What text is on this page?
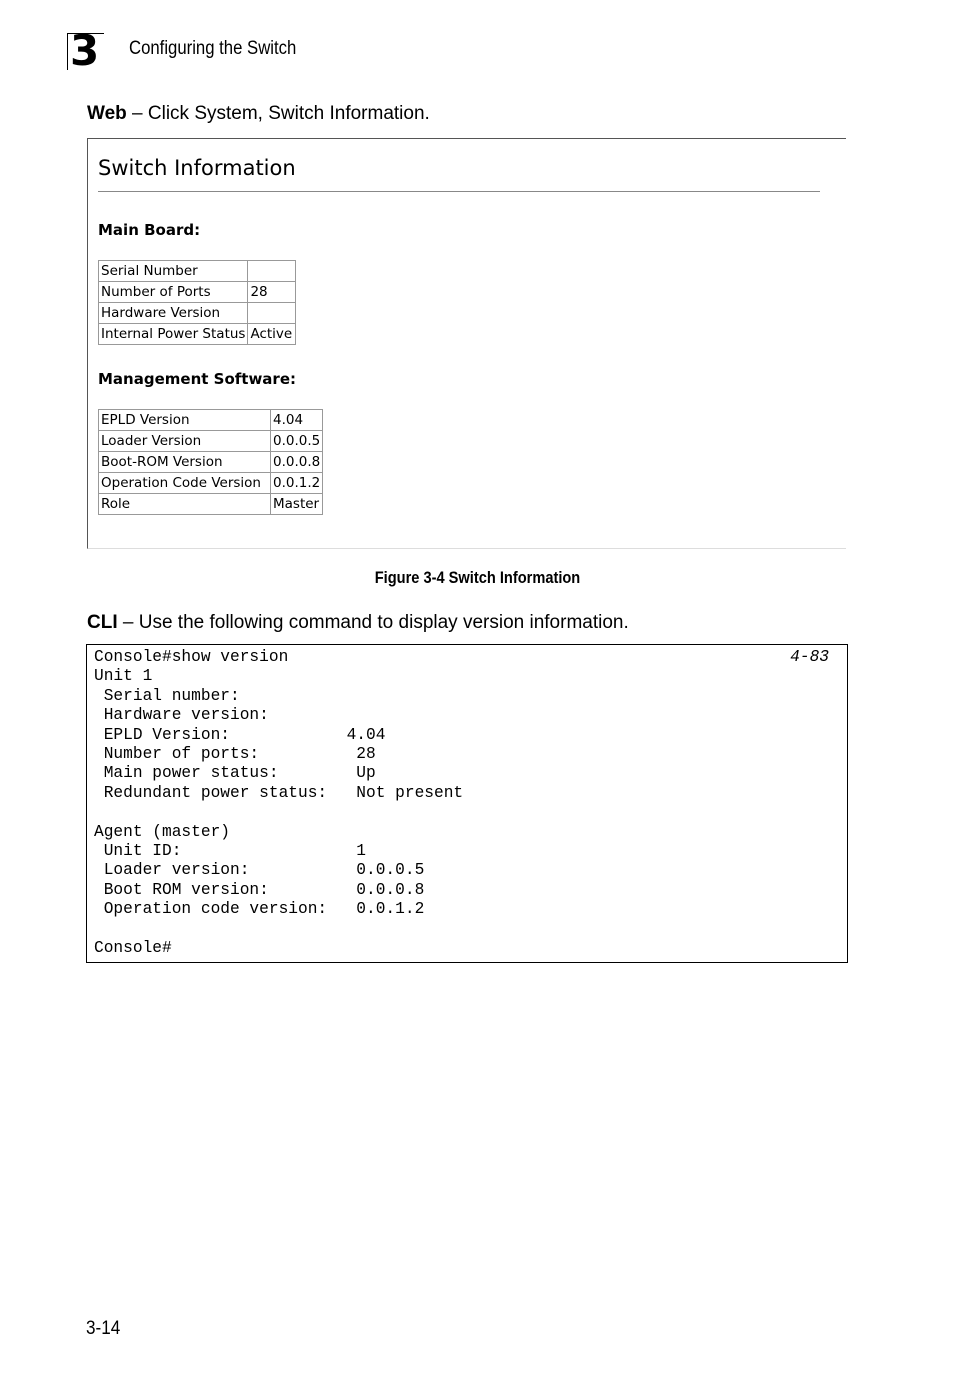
3 Configuring the Switch
Web – Click System, Switch Information.
Switch Information
Main Board:
Serial Number	
Number of Ports	28
Hardware Version	
Internal Power Status	Active
Management Software:
EPLD Version	4.04
Loader Version	0.0.0.5
Boot-ROM Version	0.0.0.8
Operation Code Version	0.0.1.2
Role	Master
Figure 3-4 Switch Information
CLI – Use the following command to display version information.
Console#show version
Unit 1
Serial number:
Hardware version:
EPLD Version:            4.04
Number of ports:          28
Main power status:        Up
Redundant power status:   Not present
Agent (master)
Unit ID:                  1
Loader version:           0.0.0.5
Boot ROM version:         0.0.0.8
Operation code version:   0.0.1.2
Console#
4-83
3-14
